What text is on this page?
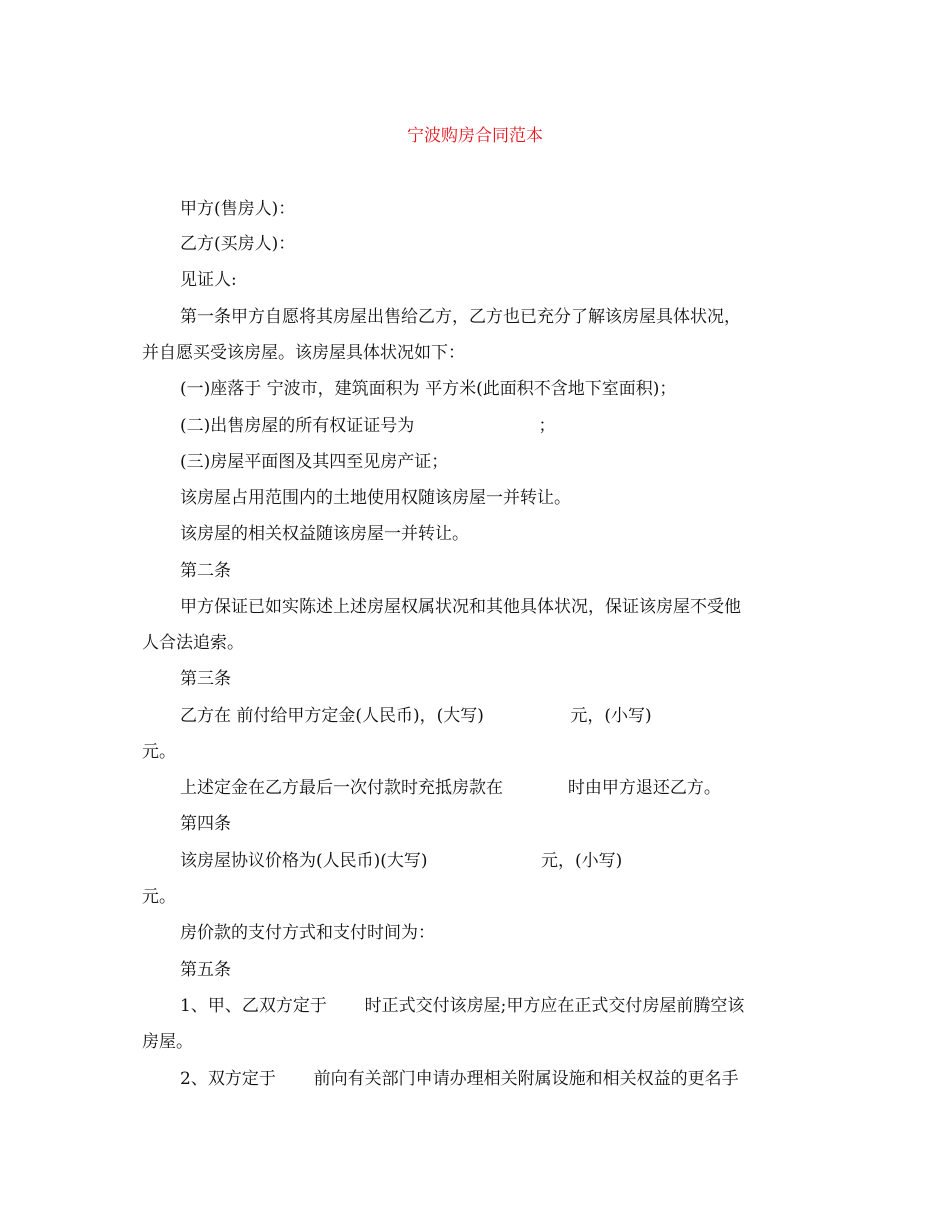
宁波购房合同范本
甲方(售房人)：
乙方(买房人)：
见证人:
第一条甲方自愿将其房屋出售给乙方，乙方也已充分了解该房屋具体状况，
并自愿买受该房屋。该房屋具体状况如下：
(一)座落于 宁波市，建筑面积为 平方米(此面积不含地下室面积)；
(二)出售房屋的所有权证证号为                       ；
(三)房屋平面图及其四至见房产证；
该房屋占用范围内的土地使用权随该房屋一并转让。
该房屋的相关权益随该房屋一并转让。
第二条
甲方保证已如实陈述上述房屋权属状况和其他具体状况，保证该房屋不受他
人合法追索。
第三条
乙方在 前付给甲方定金(人民币)，(大写)                元，(小写)
元。
上述定金在乙方最后一次付款时充抵房款在            时由甲方退还乙方。
第四条
该房屋协议价格为(人民币)(大写)                     元，(小写)
元。
房价款的支付方式和支付时间为：
第五条
1、甲、乙双方定于       时正式交付该房屋;甲方应在正式交付房屋前腾空该
房屋。
2、双方定于       前向有关部门申请办理相关附属设施和相关权益的更名手
